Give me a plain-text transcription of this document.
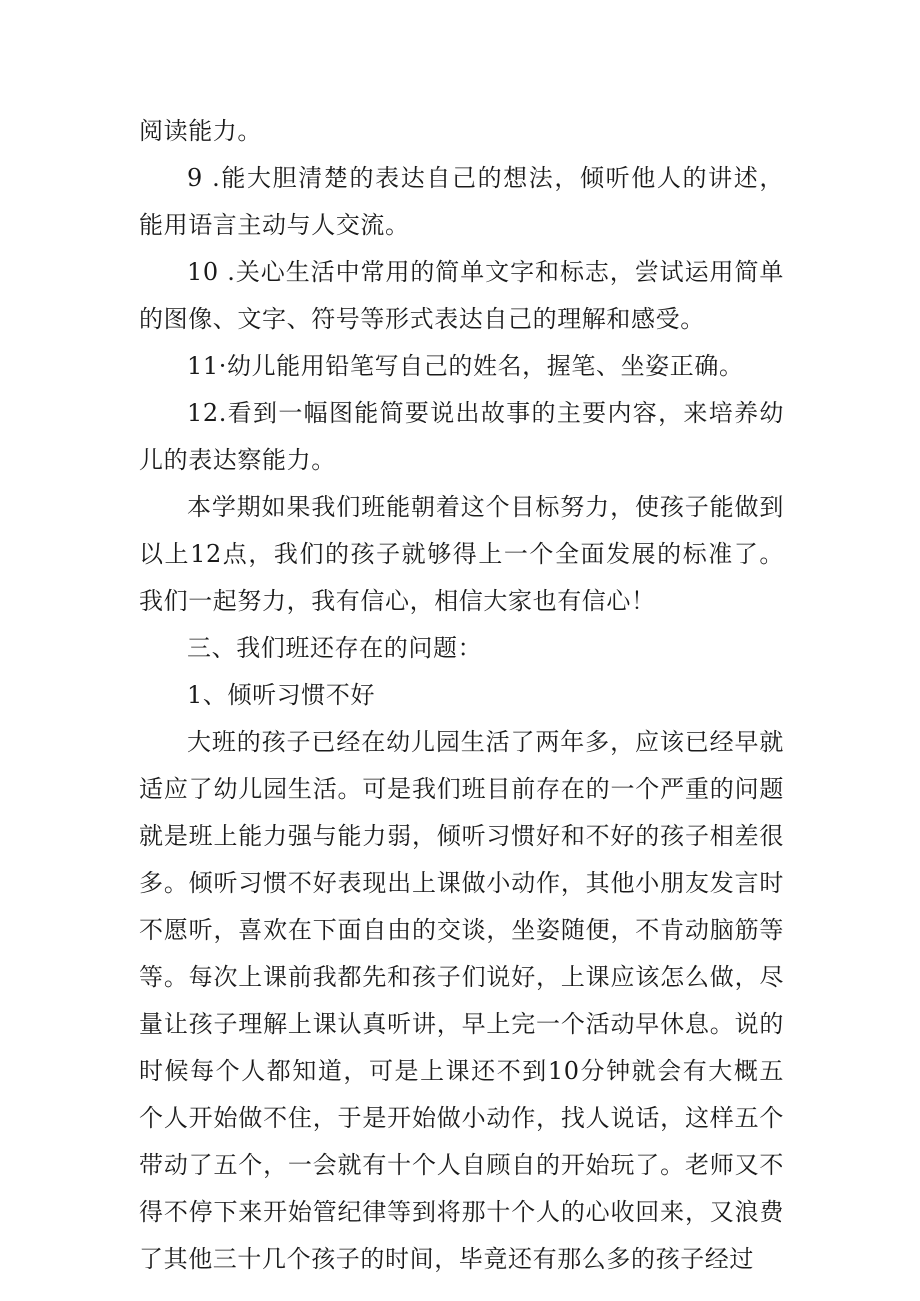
阅读能力。

9 .能大胆清楚的表达自己的想法，倾听他人的讲述，能用语言主动与人交流。

10 .关心生活中常用的简单文字和标志，尝试运用简单的图像、文字、符号等形式表达自己的理解和感受。

11·幼儿能用铅笔写自己的姓名，握笔、坐姿正确。

12.看到一幅图能简要说出故事的主要内容，来培养幼儿的表达察能力。

本学期如果我们班能朝着这个目标努力，使孩子能做到以上12点，我们的孩子就够得上一个全面发展的标准了。我们一起努力，我有信心，相信大家也有信心！

三、我们班还存在的问题：

1、倾听习惯不好

大班的孩子已经在幼儿园生活了两年多，应该已经早就适应了幼儿园生活。可是我们班目前存在的一个严重的问题就是班上能力强与能力弱，倾听习惯好和不好的孩子相差很多。倾听习惯不好表现出上课做小动作，其他小朋友发言时不愿听，喜欢在下面自由的交谈，坐姿随便，不肯动脑筋等等。每次上课前我都先和孩子们说好，上课应该怎么做，尽量让孩子理解上课认真听讲，早上完一个活动早休息。说的时候每个人都知道，可是上课还不到10分钟就会有大概五个人开始做不住，于是开始做小动作，找人说话，这样五个带动了五个，一会就有十个人自顾自的开始玩了。老师又不得不停下来开始管纪律等到将那十个人的心收回来，又浪费了其他三十几个孩子的时间，毕竟还有那么多的孩子经过
